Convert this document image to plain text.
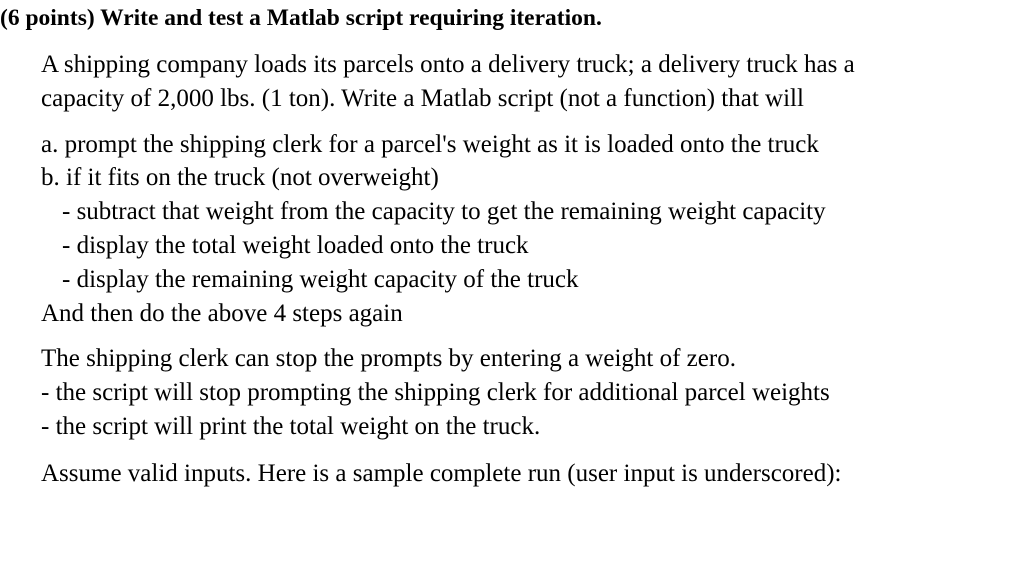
(6 points) Write and test a Matlab script requiring iteration.
A shipping company loads its parcels onto a delivery truck; a delivery truck has a
capacity of 2,000 lbs. (1 ton). Write a Matlab script (not a function) that will
a. prompt the shipping clerk for a parcel's weight as it is loaded onto the truck
b. if it fits on the truck (not overweight)
- subtract that weight from the capacity to get the remaining weight capacity
- display the total weight loaded onto the truck
- display the remaining weight capacity of the truck
And then do the above 4 steps again
The shipping clerk can stop the prompts by entering a weight of zero.
- the script will stop prompting the shipping clerk for additional parcel weights
- the script will print the total weight on the truck.
Assume valid inputs. Here is a sample complete run (user input is underscored):
